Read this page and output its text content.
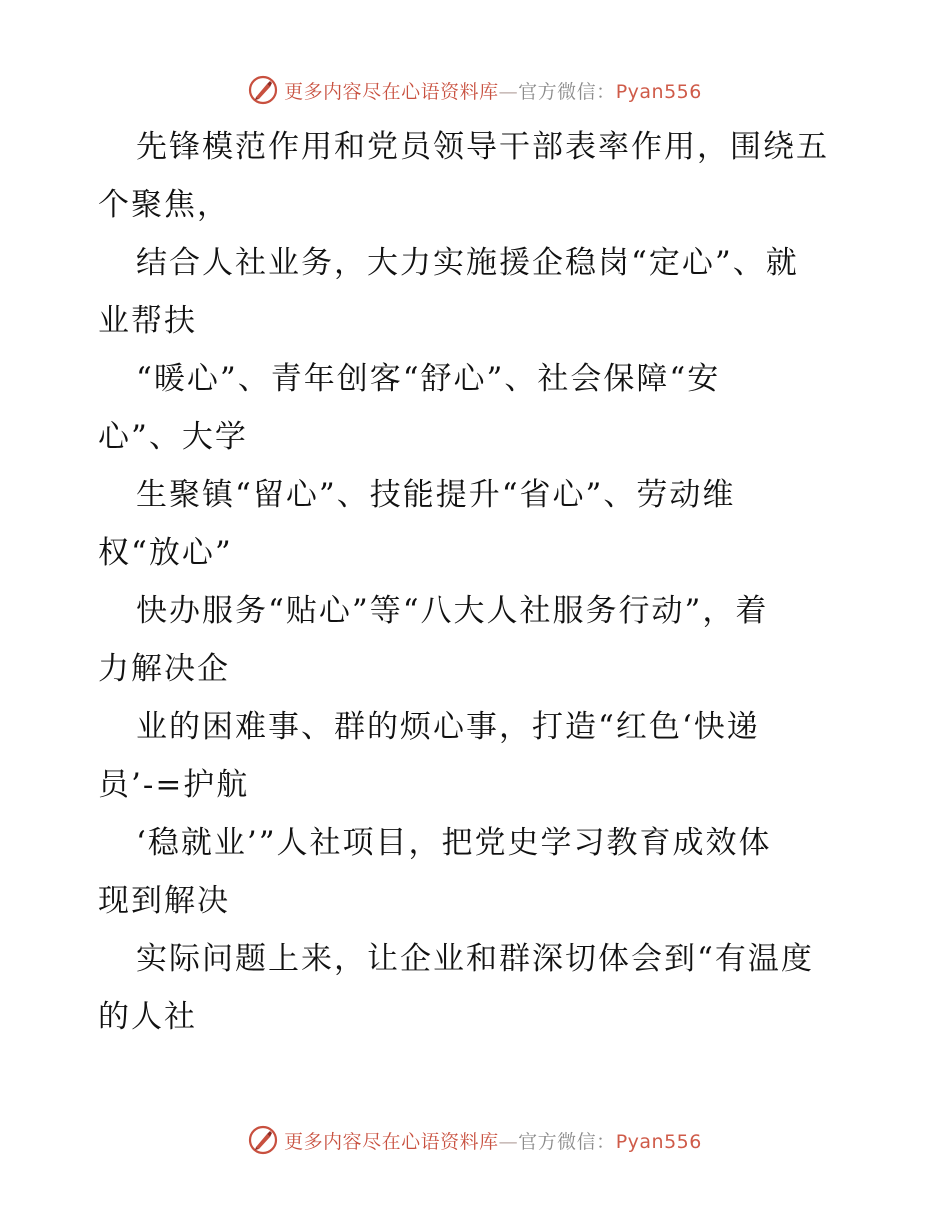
更多内容尽在心语资料库—官方微信：Pyan556
先锋模范作用和党员领导干部表率作用，围绕五
个聚焦，
结合人社业务，大力实施援企稳岗“定心”、就
业帮扶
“暖心”、青年创客“舒心”、社会保障“安
心”、大学
生聚镇“留心”、技能提升“省心”、劳动维
权“放心”
快办服务“贴心”等“八大人社服务行动”，着
力解决企
业的困难事、群的烦心事，打造“红色‘快递
员’-=护航
‘稳就业’”人社项目，把党史学习教育成效体
现到解决
实际问题上来，让企业和群深切体会到“有温度
的人社
更多内容尽在心语资料库—官方微信：Pyan556
